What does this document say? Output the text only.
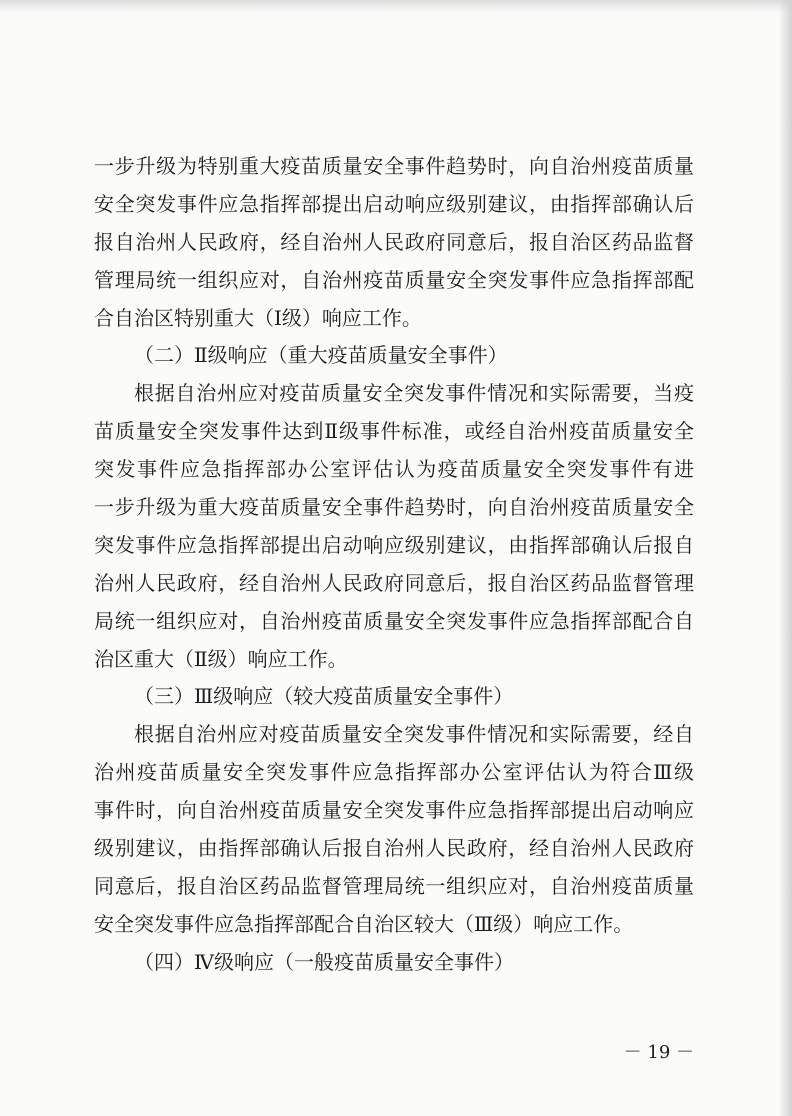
一步升级为特别重大疫苗质量安全事件趋势时，向自治州疫苗质量
安全突发事件应急指挥部提出启动响应级别建议，由指挥部确认后
报自治州人民政府，经自治州人民政府同意后，报自治区药品监督
管理局统一组织应对，自治州疫苗质量安全突发事件应急指挥部配
合自治区特别重大（Ⅰ级）响应工作。
（二）Ⅱ级响应（重大疫苗质量安全事件）
根据自治州应对疫苗质量安全突发事件情况和实际需要，当疫
苗质量安全突发事件达到Ⅱ级事件标准，或经自治州疫苗质量安全
突发事件应急指挥部办公室评估认为疫苗质量安全突发事件有进
一步升级为重大疫苗质量安全事件趋势时，向自治州疫苗质量安全
突发事件应急指挥部提出启动响应级别建议，由指挥部确认后报自
治州人民政府，经自治州人民政府同意后，报自治区药品监督管理
局统一组织应对，自治州疫苗质量安全突发事件应急指挥部配合自
治区重大（Ⅱ级）响应工作。
（三）Ⅲ级响应（较大疫苗质量安全事件）
根据自治州应对疫苗质量安全突发事件情况和实际需要，经自
治州疫苗质量安全突发事件应急指挥部办公室评估认为符合Ⅲ级
事件时，向自治州疫苗质量安全突发事件应急指挥部提出启动响应
级别建议，由指挥部确认后报自治州人民政府，经自治州人民政府
同意后，报自治区药品监督管理局统一组织应对，自治州疫苗质量
安全突发事件应急指挥部配合自治区较大（Ⅲ级）响应工作。
（四）Ⅳ级响应（一般疫苗质量安全事件）
－ 19 －
